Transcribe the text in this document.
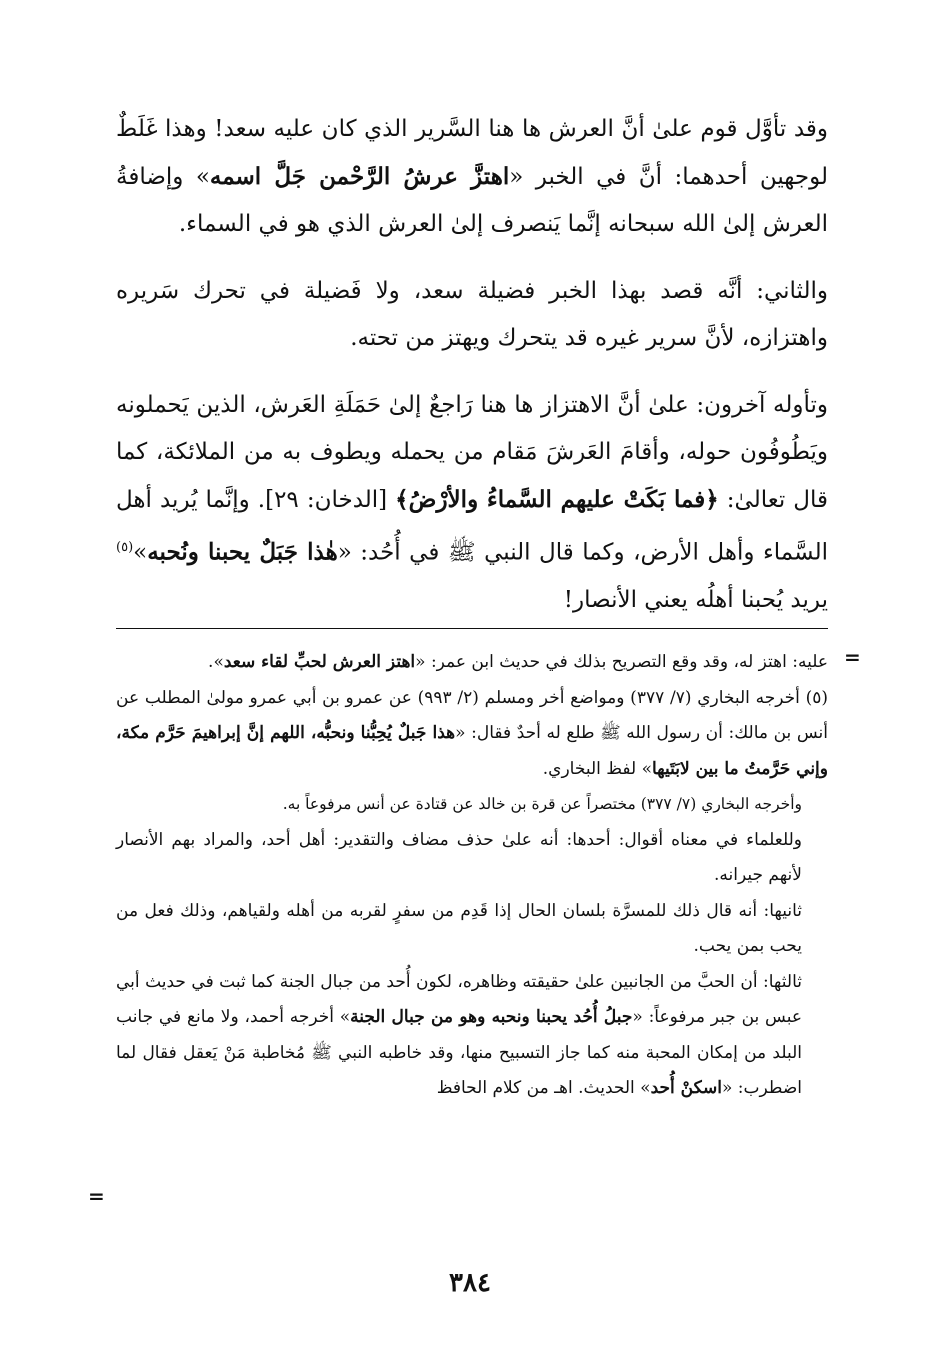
وقد تأوَّل قوم علىٰ أنَّ العرش ها هنا السَّرير الذي كان عليه سعد! وهذا غَلَطٌ لوجهين أحدهما: أنَّ في الخبر «اهتزَّ عرشُ الرَّحْمن جَلَّ اسمه» وإضافةُ العرش إلىٰ الله سبحانه إنَّما يَنصرف إلىٰ العرش الذي هو في السماء.

والثاني: أنَّه قصد بهذا الخبر فضيلة سعد، ولا فَضيلة في تحرك سَريره واهتزازه، لأنَّ سرير غيره قد يتحرك ويهتز من تحته.

وتأوله آخرون: علىٰ أنَّ الاهتزاز ها هنا رَاجعٌ إلىٰ حَمَلَةِ العَرش، الذين يَحملونه ويَطُوفُون حوله، وأقامَ العَرشَ مَقام من يحمله ويطوف به من الملائكة، كما قال تعالىٰ: ﴿فما بَكَتْ عليهم السَّماءُ والأرْضُ﴾ [الدخان: ٢٩]. وإنَّما يُريد أهل السَّماء وأهل الأرض، وكما قال النبي ﷺ في أُحُد: «هٰذا جَبَلٌ يحبنا ونُحبه»$^{(٥)}$ يريد يُحبنا أهلُه يعني الأنصار!

=

عليه: اهتز له، وقد وقع التصريح بذلك في حديث ابن عمر: «اهتز العرش لحبِّ لقاء سعد».

(٥) أخرجه البخاري (٧/ ٣٧٧) ومواضع أخر ومسلم (٢/ ٩٩٣) عن عمرو بن أبي عمرو مولىٰ المطلب عن أنس بن مالك: أن رسول الله ﷺ طلع له أحدٌ فقال: «هذا جَبلٌ يُحِبُّنا ونحبُّه، اللهم إنَّ إبراهيمَ حَرَّم مكة، وإني حَرَّمتُ ما بين لابَتَيها» لفظ البخاري.

وأخرجه البخاري (٧/ ٣٧٧) مختصراً عن قرة بن خالد عن قتادة عن أنس مرفوعاً به.

وللعلماء في معناه أقوال: أحدها: أنه علىٰ حذف مضاف والتقدير: أهل أحد، والمراد بهم الأنصار لأنهم جيرانه.

ثانيها: أنه قال ذلك للمسرَّة بلسان الحال إذا قَدِم من سفرٍ لقربه من أهله ولقياهم، وذلك فعل من يحب بمن يحب.

ثالثها: أن الحبَّ من الجانبين علىٰ حقيقته وظاهره، لكون أُحد من جبال الجنة كما ثبت في حديث أبي عبس بن جبر مرفوعاً: «جبلُ أُحُد يحبنا ونحبه وهو من جبال الجنة» أخرجه أحمد، ولا مانع في جانب البلد من إمكان المحبة منه كما جاز التسبيح منها، وقد خاطبه النبي ﷺ مُخاطبة مَنْ يَعقل فقال لما اضطرب: «اسكنْ أُحد» الحديث. اهـ من كلام الحافظ

=
٣٨٤
